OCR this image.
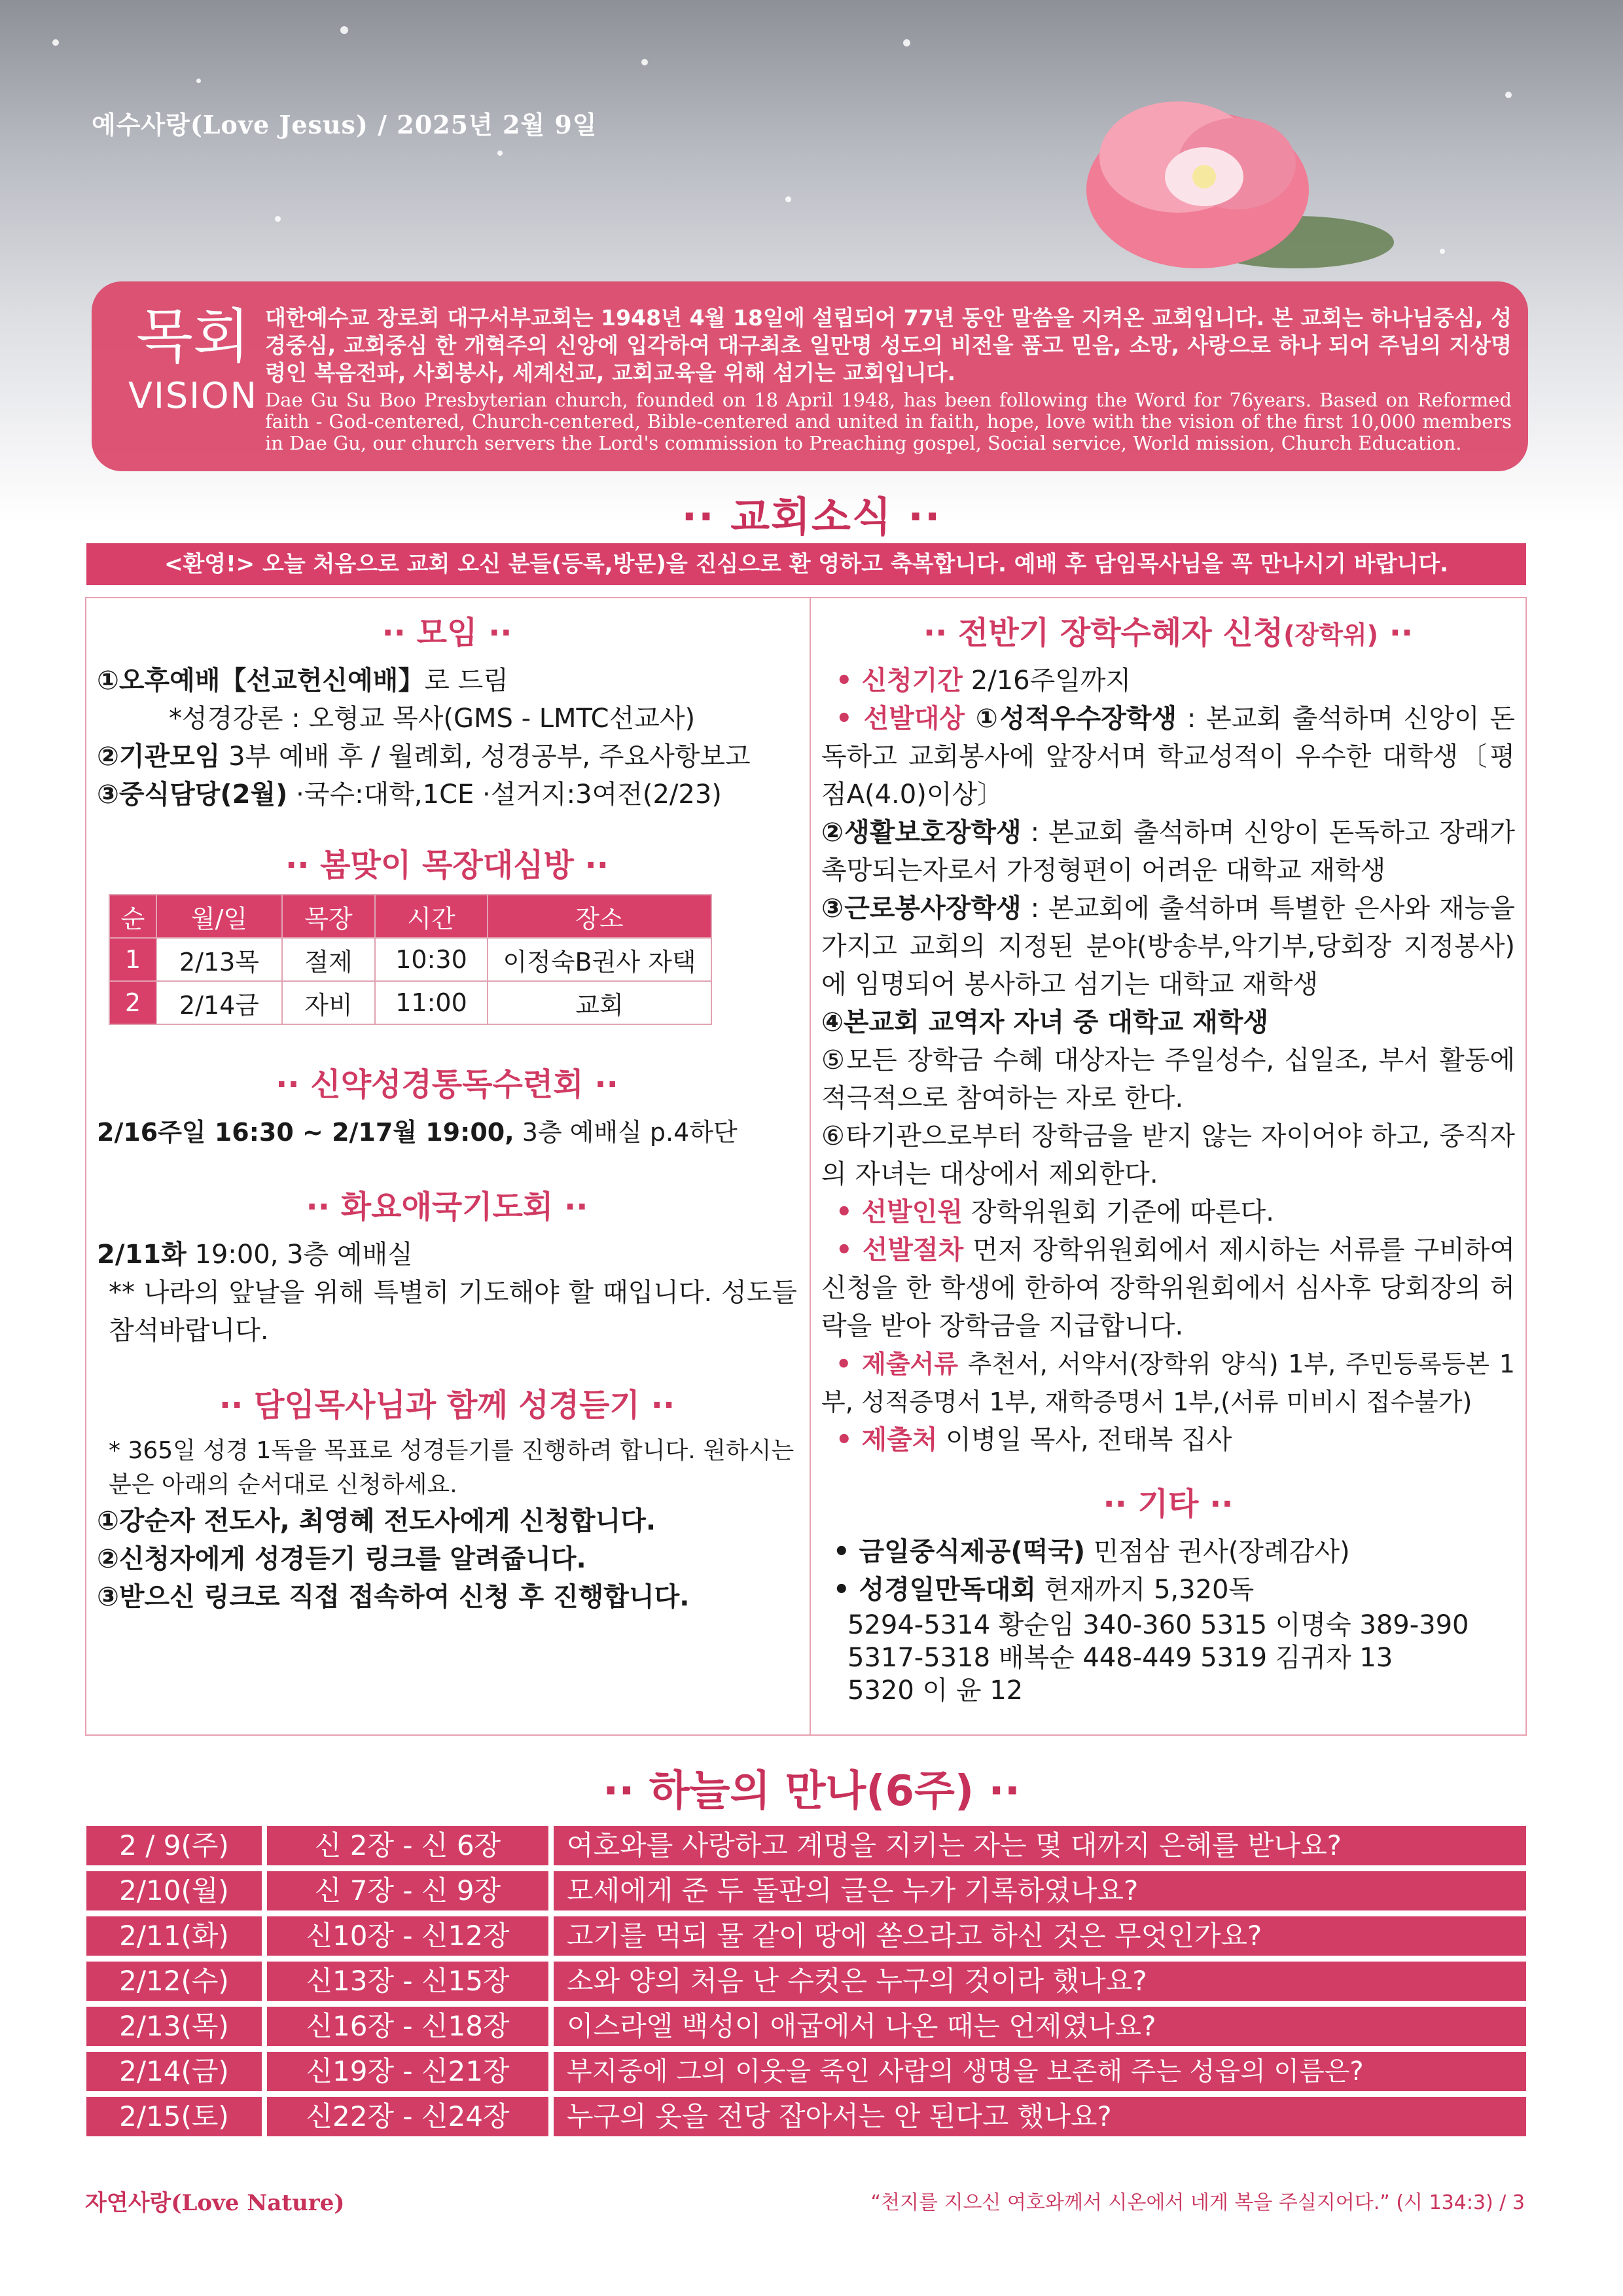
예수사랑(Love Jesus) / 2025년 2월 9일
목회
VISION
대한예수교 장로회 대구서부교회는 1948년 4월 18일에 설립되어 77년 동안 말씀을 지켜온 교회입니다. 본 교회는 하나님중심, 성경중심, 교회중심 한 개혁주의 신앙에 입각하여 대구최초 일만명 성도의 비전을 품고 믿음, 소망, 사랑으로 하나 되어 주님의 지상명령인 복음전파, 사회봉사, 세계선교, 교회교육을 위해 섬기는 교회입니다.
Dae Gu Su Boo Presbyterian church, founded on 18 April 1948, has been following the Word for 76years. Based on Reformed faith - God-centered, Church-centered, Bible-centered and united in faith, hope, love with the vision of the first 10,000 members in Dae Gu, our church servers the Lord's commission to Preaching gospel, Social service, World mission, Church Education.
·· 교회소식 ··
<환영!> 오늘 처음으로 교회 오신 분들(등록,방문)을 진심으로 환 영하고 축복합니다. 예배 후 담임목사님을 꼭 만나시기 바랍니다.
·· 모임 ··

①오후예배【선교헌신예배】로 드림

*성경강론 : 오형교 목사(GMS - LMTC선교사)

②기관모임 3부 예배 후 / 월례회, 성경공부, 주요사항보고

③중식담당(2월) ·국수:대학,1CE ·설거지:3여전(2/23)

·· 봄맞이 목장대심방 ··
순	월/일	목장	시간	장소
1	2/13목	절제	10:30	이정숙B권사 자택
2	2/14금	자비	11:00	교회
·· 신약성경통독수련회 ··

2/16주일 16:30 ~ 2/17월 19:00, 3층 예배실 p.4하단

·· 화요애국기도회 ··

2/11화 19:00, 3층 예배실

** 나라의 앞날을 위해 특별히 기도해야 할 때입니다. 성도들 참석바랍니다.

·· 담임목사님과 함께 성경듣기 ··

* 365일 성경 1독을 목표로 성경듣기를 진행하려 합니다. 원하시는 분은 아래의 순서대로 신청하세요.

①강순자 전도사, 최영혜 전도사에게 신청합니다.

②신청자에게 성경듣기 링크를 알려줍니다.

③받으신 링크로 직접 접속하여 신청 후 진행합니다.

·· 전반기 장학수혜자 신청(장학위) ··

• 신청기간 2/16주일까지

• 선발대상 ①성적우수장학생 : 본교회 출석하며 신앙이 돈독하고 교회봉사에 앞장서며 학교성적이 우수한 대학생〔평점A(4.0)이상〕

②생활보호장학생 : 본교회 출석하며 신앙이 돈독하고 장래가 촉망되는자로서 가정형편이 어려운 대학교 재학생

③근로봉사장학생 : 본교회에 출석하며 특별한 은사와 재능을 가지고 교회의 지정된 분야(방송부,악기부,당회장 지정봉사)에 임명되어 봉사하고 섬기는 대학교 재학생

④본교회 교역자 자녀 중 대학교 재학생

⑤모든 장학금 수혜 대상자는 주일성수, 십일조, 부서 활동에 적극적으로 참여하는 자로 한다.

⑥타기관으로부터 장학금을 받지 않는 자이어야 하고, 중직자의 자녀는 대상에서 제외한다.

• 선발인원 장학위원회 기준에 따른다.

• 선발절차 먼저 장학위원회에서 제시하는 서류를 구비하여 신청을 한 학생에 한하여 장학위원회에서 심사후 당회장의 허락을 받아 장학금을 지급합니다.

• 제출서류 추천서, 서약서(장학위 양식) 1부, 주민등록등본 1부, 성적증명서 1부, 재학증명서 1부,(서류 미비시 접수불가)

• 제출처 이병일 목사, 전태복 집사

·· 기타 ··

• 금일중식제공(떡국) 민점삼 권사(장례감사)

• 성경일만독대회 현재까지 5,320독

5294-5314 황순임 340-360 5315 이명숙 389-390

5317-5318 배복순 448-449 5319 김귀자 13

5320 이 윤 12

·· 하늘의 만나(6주) ··
2 / 9(주)	신 2장 - 신 6장	여호와를 사랑하고 계명을 지키는 자는 몇 대까지 은혜를 받나요?
2/10(월)	신 7장 - 신 9장	모세에게 준 두 돌판의 글은 누가 기록하였나요?
2/11(화)	신10장 - 신12장	고기를 먹되 물 같이 땅에 쏟으라고 하신 것은 무엇인가요?
2/12(수)	신13장 - 신15장	소와 양의 처음 난 수컷은 누구의 것이라 했나요?
2/13(목)	신16장 - 신18장	이스라엘 백성이 애굽에서 나온 때는 언제였나요?
2/14(금)	신19장 - 신21장	부지중에 그의 이웃을 죽인 사람의 생명을 보존해 주는 성읍의 이름은?
2/15(토)	신22장 - 신24장	누구의 옷을 전당 잡아서는 안 된다고 했나요?
자연사랑(Love Nature)	“천지를 지으신 여호와께서 시온에서 네게 복을 주실지어다.” (시 134:3) / 3
